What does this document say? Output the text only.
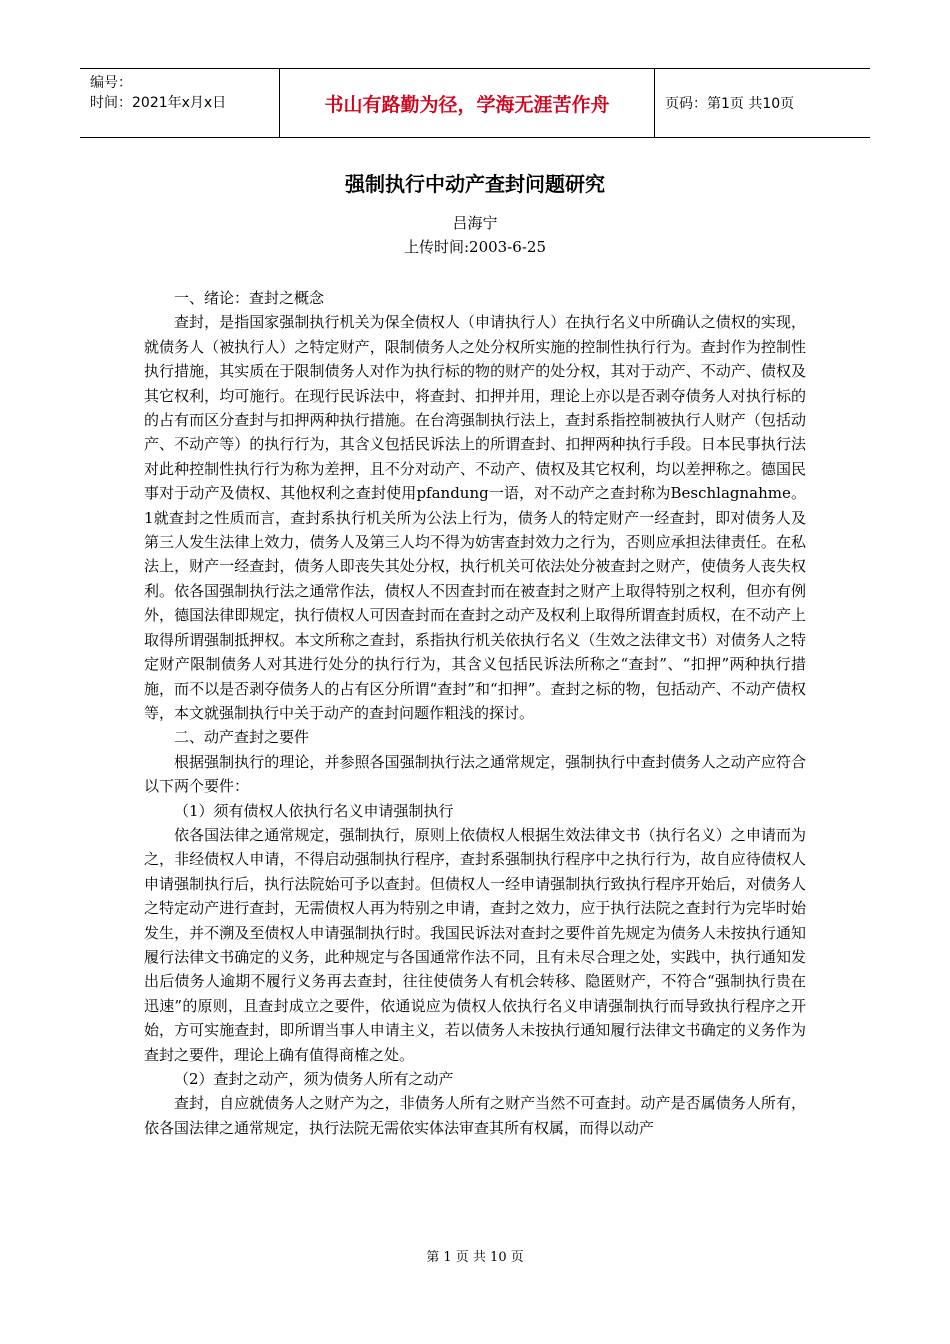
编号：
时间：2021年x月x日	书山有路勤为径，学海无涯苦作舟	页码：第1页 共10页
强制执行中动产查封问题研究
吕海宁
上传时间:2003-6-25

一、绪论：查封之概念

查封，是指国家强制执行机关为保全债权人（申请执行人）在执行名义中所确认之债权的实现，就债务人（被执行人）之特定财产，限制债务人之处分权所实施的控制性执行行为。查封作为控制性执行措施，其实质在于限制债务人对作为执行标的物的财产的处分权，其对于动产、不动产、债权及其它权利，均可施行。在现行民诉法中，将查封、扣押并用，理论上亦以是否剥夺债务人对执行标的的占有而区分查封与扣押两种执行措施。在台湾强制执行法上，查封系指控制被执行人财产（包括动产、不动产等）的执行行为，其含义包括民诉法上的所谓查封、扣押两种执行手段。日本民事执行法对此种控制性执行行为称为差押，且不分对动产、不动产、债权及其它权利，均以差押称之。德国民事对于动产及债权、其他权利之查封使用pfandung一语，对不动产之查封称为Beschlagnahme。1就查封之性质而言，查封系执行机关所为公法上行为，债务人的特定财产一经查封，即对债务人及第三人发生法律上效力，债务人及第三人均不得为妨害查封效力之行为，否则应承担法律责任。在私法上，财产一经查封，债务人即丧失其处分权，执行机关可依法处分被查封之财产，使债务人丧失权利。依各国强制执行法之通常作法，债权人不因查封而在被查封之财产上取得特别之权利，但亦有例外，德国法律即规定，执行债权人可因查封而在查封之动产及权利上取得所谓查封质权，在不动产上取得所谓强制抵押权。本文所称之查封，系指执行机关依执行名义（生效之法律文书）对债务人之特定财产限制债务人对其进行处分的执行行为，其含义包括民诉法所称之“查封”、“扣押”两种执行措施，而不以是否剥夺债务人的占有区分所谓“查封”和“扣押”。查封之标的物，包括动产、不动产债权等，本文就强制执行中关于动产的查封问题作粗浅的探讨。

二、动产查封之要件

根据强制执行的理论，并参照各国强制执行法之通常规定，强制执行中查封债务人之动产应符合以下两个要件：

（1）须有债权人依执行名义申请强制执行

依各国法律之通常规定，强制执行，原则上依债权人根据生效法律文书（执行名义）之申请而为之，非经债权人申请，不得启动强制执行程序，查封系强制执行程序中之执行行为，故自应待债权人申请强制执行后，执行法院始可予以查封。但债权人一经申请强制执行致执行程序开始后，对债务人之特定动产进行查封，无需债权人再为特别之申请，查封之效力，应于执行法院之查封行为完毕时始发生，并不溯及至债权人申请强制执行时。我国民诉法对查封之要件首先规定为债务人未按执行通知履行法律文书确定的义务，此种规定与各国通常作法不同，且有未尽合理之处，实践中，执行通知发出后债务人逾期不履行义务再去查封，往往使债务人有机会转移、隐匿财产，不符合“强制执行贵在迅速”的原则，且查封成立之要件，依通说应为债权人依执行名义申请强制执行而导致执行程序之开始，方可实施查封，即所谓当事人申请主义，若以债务人未按执行通知履行法律文书确定的义务作为查封之要件，理论上确有值得商榷之处。

（2）查封之动产，须为债务人所有之动产

查封，自应就债务人之财产为之，非债务人所有之财产当然不可查封。动产是否属债务人所有，依各国法律之通常规定，执行法院无需依实体法审查其所有权属，而得以动产

第 1 页 共 10 页
